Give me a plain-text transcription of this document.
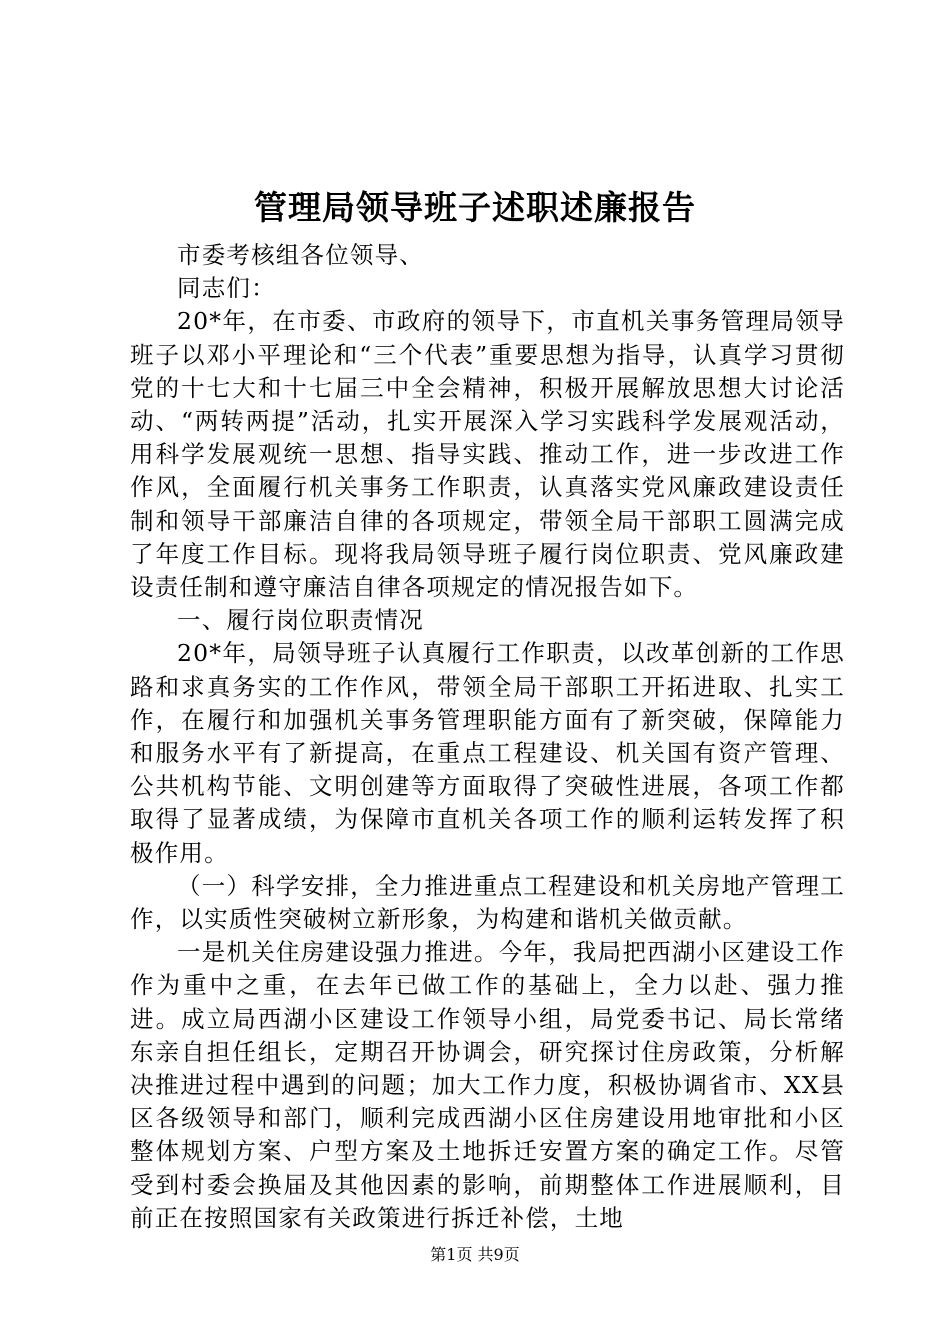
管理局领导班子述职述廉报告

市委考核组各位领导、

同志们：

20*年，在市委、市政府的领导下，市直机关事务管理局领导班子以邓小平理论和“三个代表”重要思想为指导，认真学习贯彻党的十七大和十七届三中全会精神，积极开展解放思想大讨论活动、“两转两提”活动，扎实开展深入学习实践科学发展观活动，用科学发展观统一思想、指导实践、推动工作，进一步改进工作作风，全面履行机关事务工作职责，认真落实党风廉政建设责任制和领导干部廉洁自律的各项规定，带领全局干部职工圆满完成了年度工作目标。现将我局领导班子履行岗位职责、党风廉政建设责任制和遵守廉洁自律各项规定的情况报告如下。

一、履行岗位职责情况

20*年，局领导班子认真履行工作职责，以改革创新的工作思路和求真务实的工作作风，带领全局干部职工开拓进取、扎实工作，在履行和加强机关事务管理职能方面有了新突破，保障能力和服务水平有了新提高，在重点工程建设、机关国有资产管理、公共机构节能、文明创建等方面取得了突破性进展，各项工作都取得了显著成绩，为保障市直机关各项工作的顺利运转发挥了积极作用。

（一）科学安排，全力推进重点工程建设和机关房地产管理工作，以实质性突破树立新形象，为构建和谐机关做贡献。

一是机关住房建设强力推进。今年，我局把西湖小区建设工作作为重中之重，在去年已做工作的基础上，全力以赴、强力推进。成立局西湖小区建设工作领导小组，局党委书记、局长常绪东亲自担任组长，定期召开协调会，研究探讨住房政策，分析解决推进过程中遇到的问题；加大工作力度，积极协调省市、XX县区各级领导和部门，顺利完成西湖小区住房建设用地审批和小区整体规划方案、户型方案及土地拆迁安置方案的确定工作。尽管受到村委会换届及其他因素的影响，前期整体工作进展顺利，目前正在按照国家有关政策进行拆迁补偿，土地

第1页 共9页
